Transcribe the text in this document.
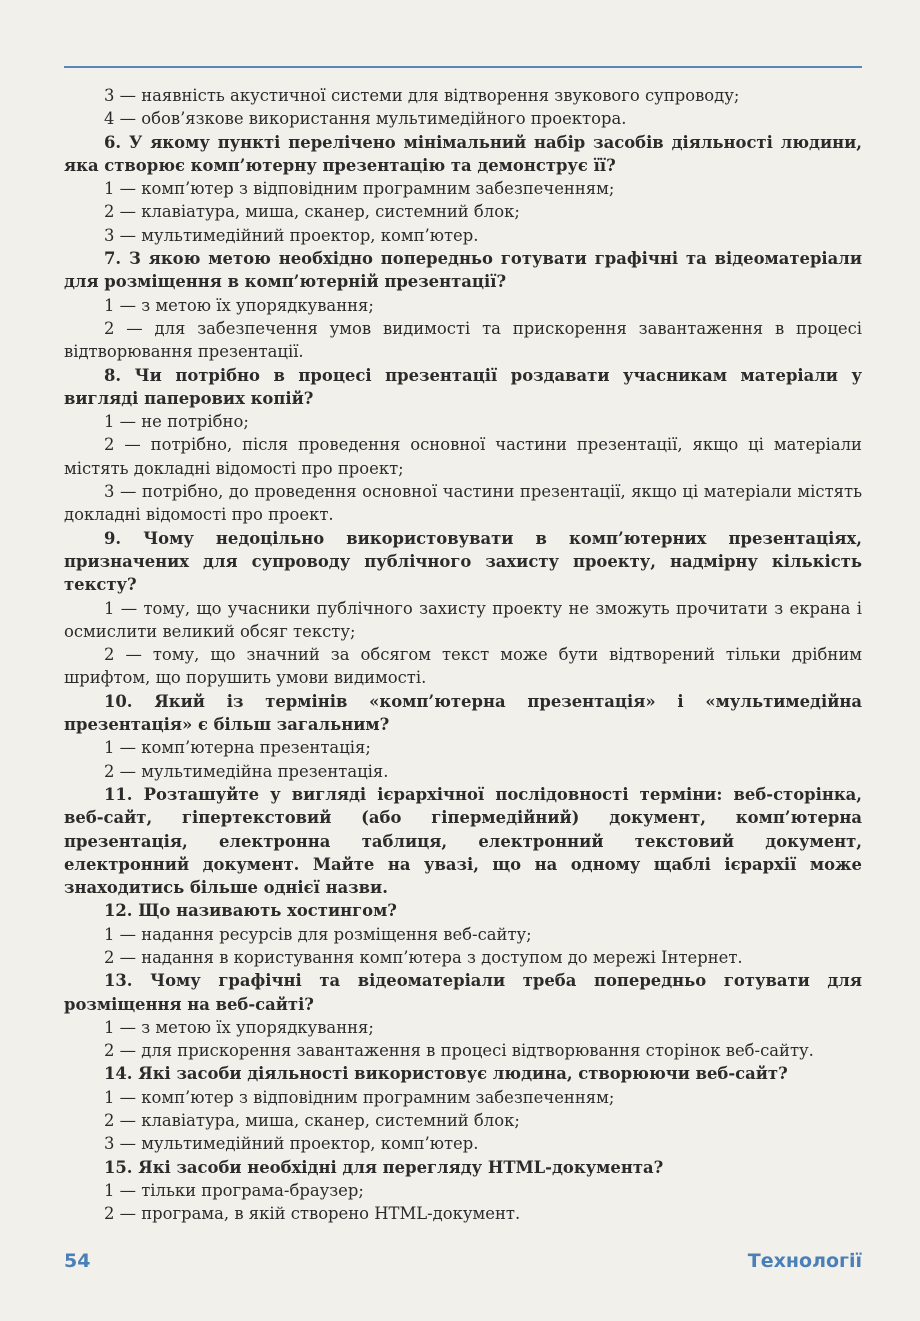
3 — наявність акустичної системи для відтворення звукового супроводу;

4 — обов’язкове використання мультимедійного проектора.

6. У якому пункті перелічено мінімальний набір засобів діяльності людини, яка створює комп’ютерну презентацію та демонструє її?

1 — комп’ютер з відповідним програмним забезпеченням;

2 — клавіатура, миша, сканер, системний блок;

3 — мультимедійний проектор, комп’ютер.

7. З якою метою необхідно попередньо готувати графічні та відеоматеріали для розміщення в комп’ютерній презентації?

1 — з метою їх упорядкування;

2 — для забезпечення умов видимості та прискорення завантаження в процесі відтворювання презентації.

8. Чи потрібно в процесі презентації роздавати учасникам матеріали у вигляді паперових копій?

1 — не потрібно;

2 — потрібно, після проведення основної частини презентації, якщо ці матеріали містять докладні відомості про проект;

3 — потрібно, до проведення основної частини презентації, якщо ці матеріали містять докладні відомості про проект.

9. Чому недоцільно використовувати в комп’ютерних презентаціях, призначених для супроводу публічного захисту проекту, надмірну кількість тексту?

1 — тому, що учасники публічного захисту проекту не зможуть прочитати з екрана і осмислити великий обсяг тексту;

2 — тому, що значний за обсягом текст може бути відтворений тільки дрібним шрифтом, що порушить умови видимості.

10. Який із термінів «комп’ютерна презентація» і «мультимедійна презентація» є більш загальним?

1 — комп’ютерна презентація;

2 — мультимедійна презентація.

11. Розташуйте у вигляді ієрархічної послідовності терміни: веб-сторінка, веб-сайт, гіпертекстовий (або гіпермедійний) документ, комп’ютерна презентація, електронна таблиця, електронний текстовий документ, електронний документ. Майте на увазі, що на одному щаблі ієрархії може знаходитись більше однієї назви.

12. Що називають хостингом?

1 — надання ресурсів для розміщення веб-сайту;

2 — надання в користування комп’ютера з доступом до мережі Інтернет.

13. Чому графічні та відеоматеріали треба попередньо готувати для розміщення на веб-сайті?

1 — з метою їх упорядкування;

2 — для прискорення завантаження в процесі відтворювання сторінок веб-сайту.

14. Які засоби діяльності використовує людина, створюючи веб-сайт?

1 — комп’ютер з відповідним програмним забезпеченням;

2 — клавіатура, миша, сканер, системний блок;

3 — мультимедійний проектор, комп’ютер.

15. Які засоби необхідні для перегляду HTML-документа?

1 — тільки програма-браузер;

2 — програма, в якій створено HTML-документ.

54	Технології
